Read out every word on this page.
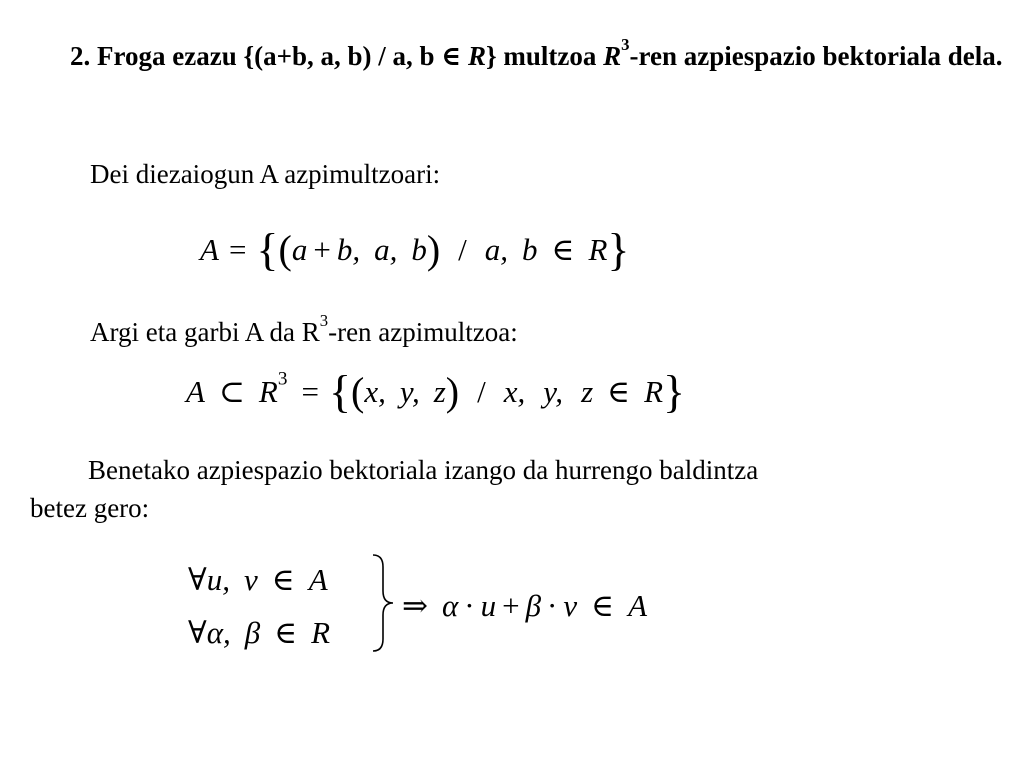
2. Froga ezazu {(a+b, a, b) / a, b ∈ R} multzoa $R^3$-ren azpiespazio bektoriala dela.
Dei diezaiogun A azpimultzoari:
A = {(a + b, a, b) / a, b ∈ R}
Argi eta garbi A da $R^3$-ren azpimultzoa:
A ⊂ $R^3 = \{(x$, y, z) / x, y, z ∈ R}
Benetako azpiespazio bektoriala izango da hurrengo baldintza
betez gero:
∀u, v ∈ A
∀α, β ∈ R
⇒ α · u + β · v ∈ A
